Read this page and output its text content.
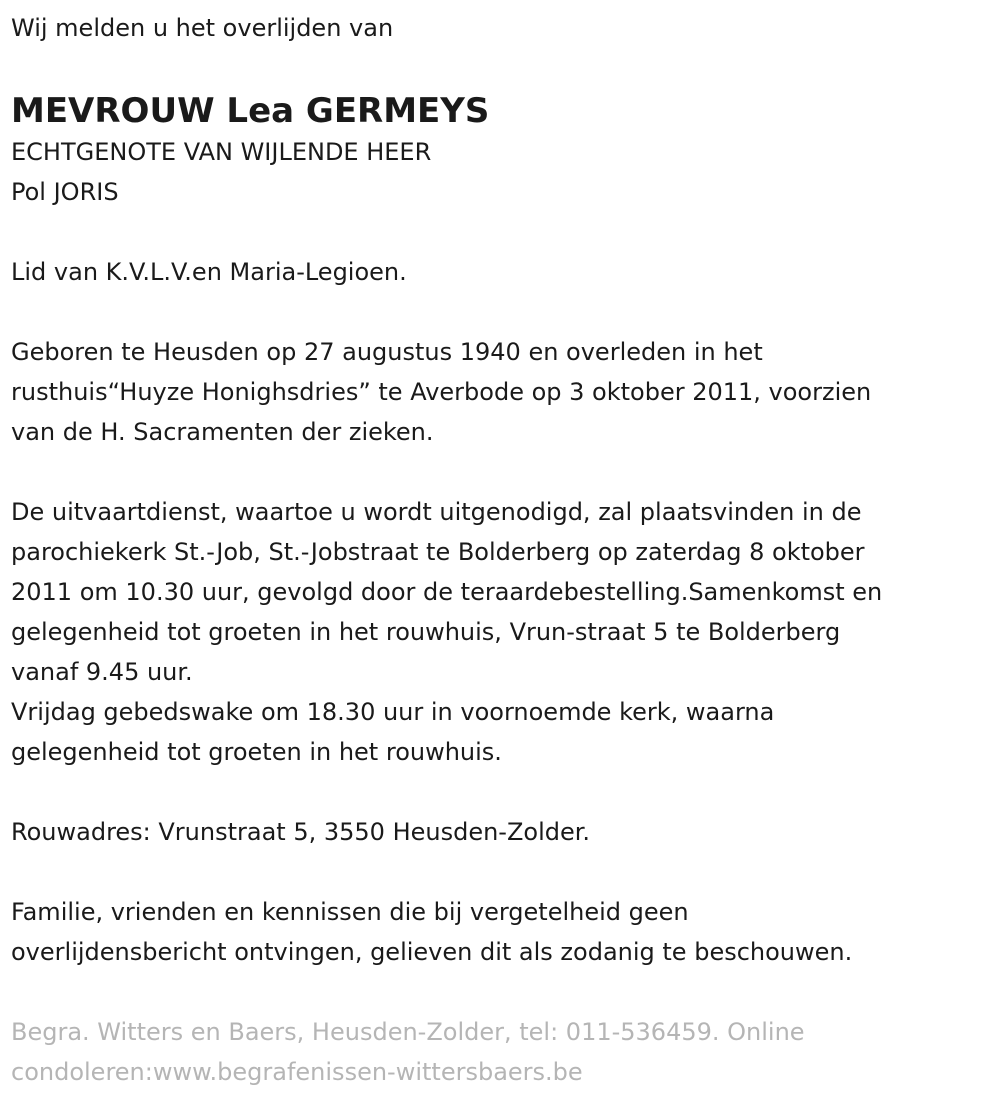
Wij melden u het overlijden van

MEVROUW Lea GERMEYS

ECHTGENOTE VAN WIJLENDE HEER

Pol JORIS

Lid van K.V.L.V.en Maria-Legioen.

Geboren te Heusden op 27 augustus 1940 en overleden in het

rusthuis“Huyze Honighsdries” te Averbode op 3 oktober 2011, voorzien

van de H. Sacramenten der zieken.

De uitvaartdienst, waartoe u wordt uitgenodigd, zal plaatsvinden in de

parochiekerk St.-Job, St.-Jobstraat te Bolderberg op zaterdag 8 oktober

2011 om 10.30 uur, gevolgd door de teraardebestelling.Samenkomst en

gelegenheid tot groeten in het rouwhuis, Vrun-straat 5 te Bolderberg

vanaf 9.45 uur.

Vrijdag gebedswake om 18.30 uur in voornoemde kerk, waarna

gelegenheid tot groeten in het rouwhuis.

Rouwadres: Vrunstraat 5, 3550 Heusden-Zolder.

Familie, vrienden en kennissen die bij vergetelheid geen

overlijdensbericht ontvingen, gelieven dit als zodanig te beschouwen.

Begra. Witters en Baers, Heusden-Zolder, tel: 011-536459. Online

condoleren:www.begrafenissen-wittersbaers.be
